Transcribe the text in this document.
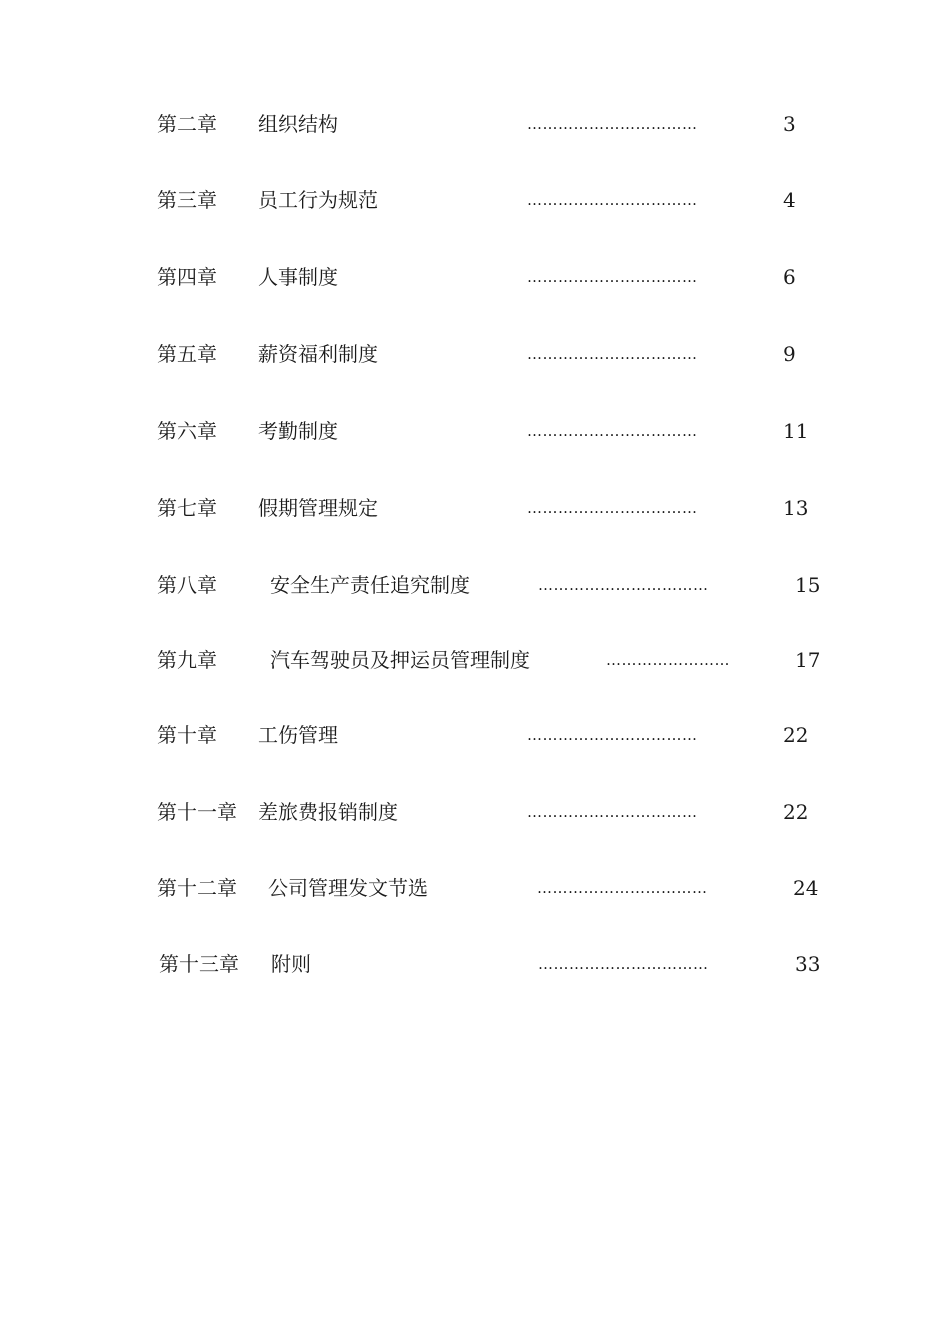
第二章 组织结构	……………………………	3
第三章 员工行为规范	……………………………	4
第四章 人事制度	……………………………	6
第五章 薪资福利制度	……………………………	9
第六章 考勤制度	……………………………	11
第七章 假期管理规定	……………………………	13
第八章	安全生产责任追究制度	……………………………	15
第九章	汽车驾驶员及押运员管理制度	……………………	17
第十章 工伤管理	……………………………	22
第十一章 差旅费报销制度	……………………………	22
第十二章 公司管理发文节选	……………………………	24
第十三章 附则	……………………………	33
